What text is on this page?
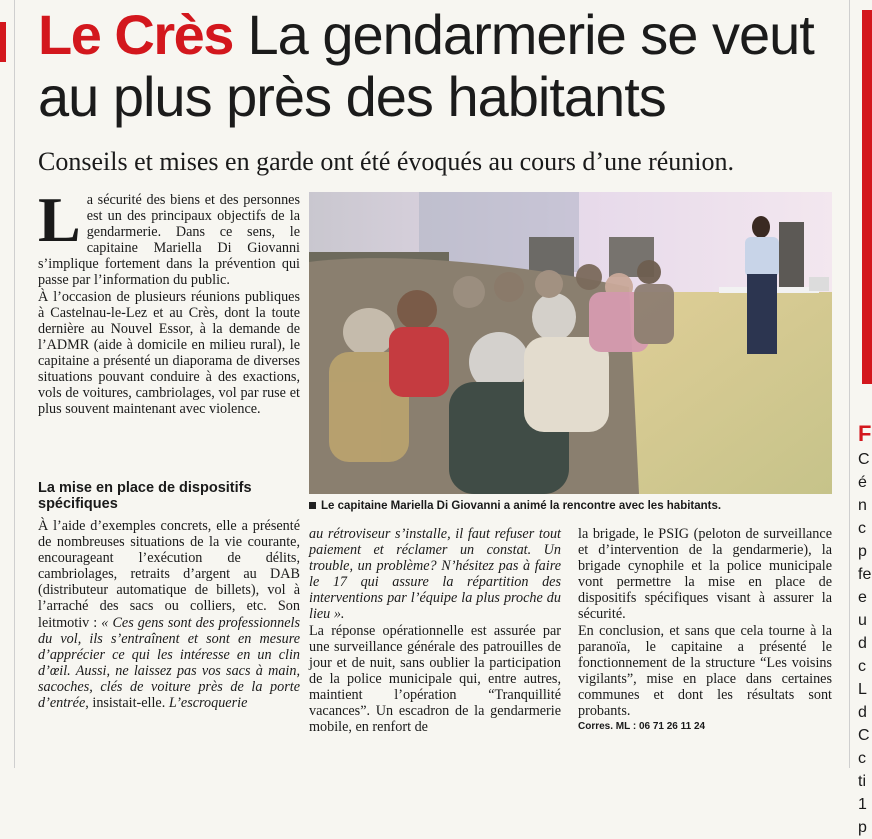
Le Crès La gendarmerie se veut au plus près des habitants
Conseils et mises en garde ont été évoqués au cours d’une réunion.
L a sécurité des biens et des personnes est un des principaux objectifs de la gendarmerie. Dans ce sens, le capitaine Mariella Di Giovanni s’implique fortement dans la prévention qui passe par l’information du public.
À l’occasion de plusieurs réunions publiques à Castelnau-le-Lez et au Crès, dont la toute dernière au Nouvel Essor, à la demande de l’ADMR (aide à domicile en milieu rural), le capitaine a présenté un diaporama de diverses situations pouvant conduire à des exactions, vols de voitures, cambriolages, vol par ruse et plus souvent maintenant avec violence.
La mise en place de dispositifs spécifiques
À l’aide d’exemples concrets, elle a présenté de nombreuses situations de la vie courante, encourageant l’exécution de délits, cambriolages, retraits d’argent au DAB (distributeur automatique de billets), vol à l’arraché des sacs ou colliers, etc. Son leitmotiv : « Ces gens sont des professionnels du vol, ils s’entraînent et sont en mesure d’apprécier ce qui les intéresse en un clin d’œil. Aussi, ne laissez pas vos sacs à main, sacoches, clés de voiture près de la porte d’entrée, insistait-elle. L’escroquerie
Le capitaine Mariella Di Giovanni a animé la rencontre avec les habitants.
au rétroviseur s’installe, il faut refuser tout paiement et réclamer un constat. Un trouble, un problème? N’hésitez pas à faire le 17 qui assure la répartition des interventions par l’équipe la plus proche du lieu ».
La réponse opérationnelle est assurée par une surveillance générale des patrouilles de jour et de nuit, sans oublier la participation de la police municipale qui, entre autres, maintient l’opération “Tranquillité vacances”. Un escadron de la gendarmerie mobile, en renfort de
la brigade, le PSIG (peloton de surveillance et d’intervention de la gendarmerie), la brigade cynophile et la police municipale vont permettre la mise en place de dispositifs spécifiques visant à assurer la sécurité.
En conclusion, et sans que cela tourne à la paranoïa, le capitaine a présenté le fonctionnement de la structure “Les voisins vigilants”, mise en place dans certaines communes et dont les résultats sont probants.
Corres. ML : 06 71 26 11 24
F
C
é
n
c
p
fe
e
u
d
c
L
d
C
c
ti
1
p
